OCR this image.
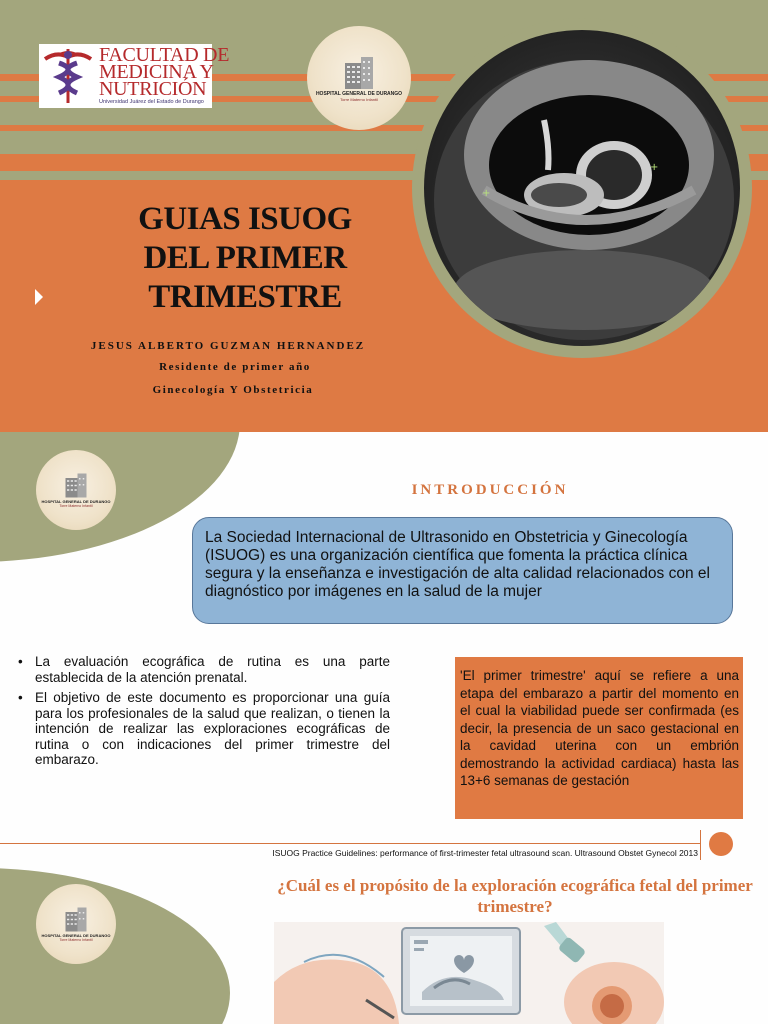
FACULTAD DE
MEDICINA Y
NUTRICIÓN
Universidad Juárez del Estado de Durango
HOSPITAL GENERAL DE DURANGO
Torre Materno Infantil
+
+
GUIAS ISUOG
DEL PRIMER
TRIMESTRE
JESUS ALBERTO GUZMAN HERNANDEZ
Residente de primer año
Ginecología Y Obstetricia
HOSPITAL GENERAL DE DURANGO
Torre Materno Infantil
INTRODUCCIÓN
La Sociedad Internacional de Ultrasonido en Obstetricia y Ginecología (ISUOG) es una organización científica que fomenta la práctica clínica segura y la enseñanza e investigación de alta calidad relacionados con el diagnóstico por imágenes en la salud de la mujer
• La evaluación ecográfica de rutina es una parte establecida de la atención prenatal.
• El objetivo de este documento es proporcionar una guía para los profesionales de la salud que realizan, o tienen la intención de realizar las exploraciones ecográficas de rutina o con indicaciones del primer trimestre del embarazo.
'El primer trimestre' aquí se refiere a una etapa del embarazo a partir del momento en el cual la viabilidad puede ser confirmada (es decir, la presencia de un saco gestacional en la cavidad uterina con un embrión demostrando la actividad cardiaca) hasta las 13+6 semanas de gestación
ISUOG Practice Guidelines: performance of first-trimester fetal ultrasound scan. Ultrasound Obstet Gynecol 2013
HOSPITAL GENERAL DE DURANGO
Torre Materno Infantil
¿Cuál es el propósito de la exploración ecográfica fetal del primer trimestre?
